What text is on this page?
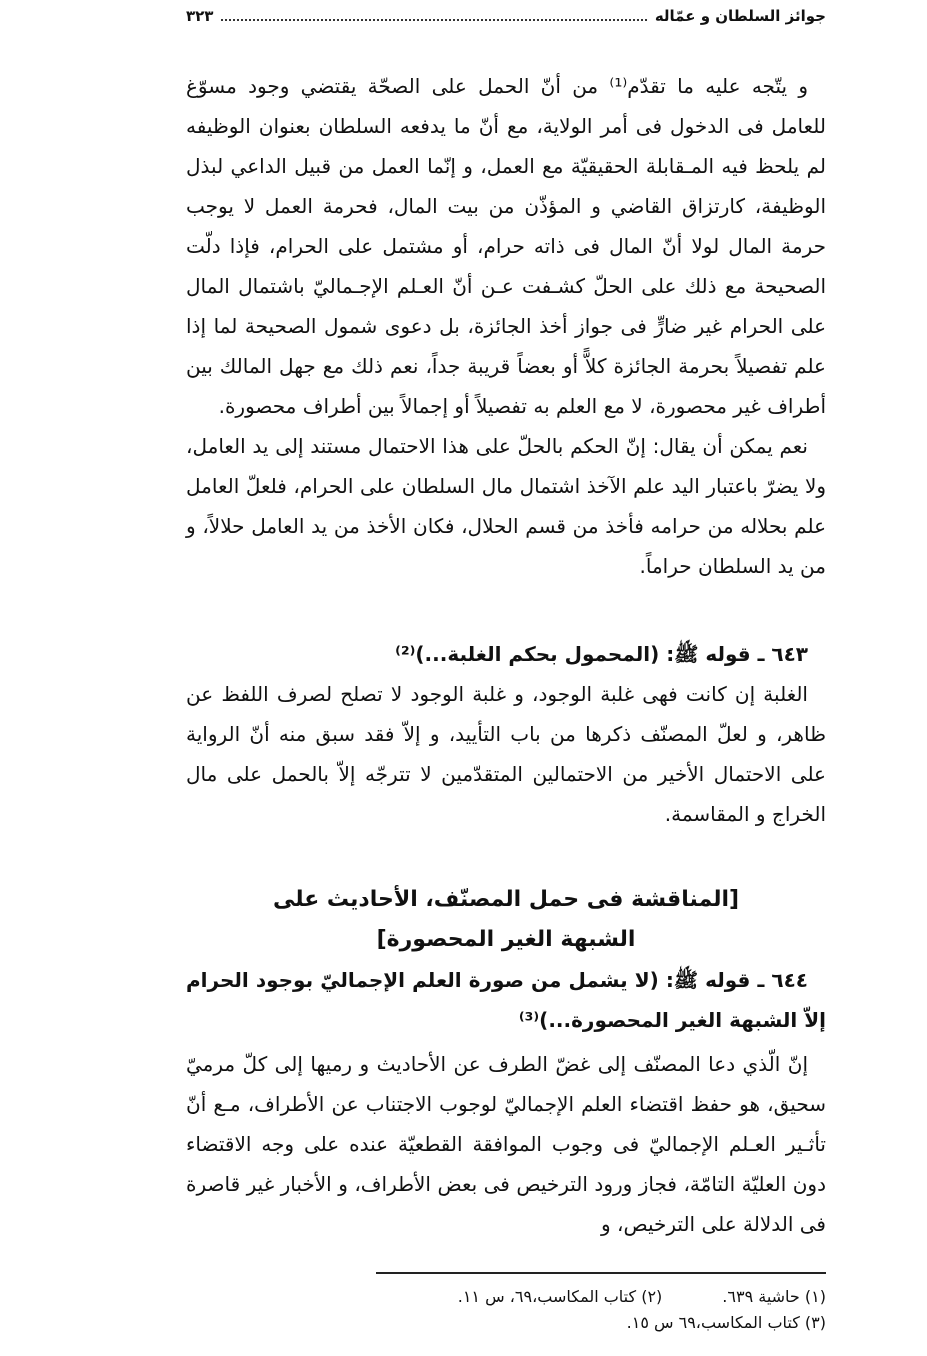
جوائز السلطان و عمّاله
٣٢٣

و يتّجه عليه ما تقدّم⁽¹⁾ من أنّ الحمل على الصحّة يقتضي وجود مسوّغ للعامل فى الدخول فى أمر الولاية، مع أنّ ما يدفعه السلطان بعنوان الوظيفه لم يلحظ فيه المـقابلة الحقيقيّة مع العمل، و إنّما العمل من قبيل الداعي لبذل الوظيفة، كارتزاق القاضي و المؤذّن من بيت المال، فحرمة العمل لا يوجب حرمة المال لولا أنّ المال فى ذاته حرام، أو مشتمل على الحرام، فإذا دلّت الصحيحة مع ذلك على الحلّ كشـفت عـن أنّ العـلم الإجـماليّ باشتمال المال على الحرام غير ضارٍّ فى جواز أخذ الجائزة، بل دعوى شمول الصحيحة لما إذا علم تفصيلاً بحرمة الجائزة كلاًّ أو بعضاً قريبة جداً، نعم ذلك مع جهل المالك بين أطراف غير محصورة، لا مع العلم به تفصيلاً أو إجمالاً بين أطراف محصورة.

نعم يمكن أن يقال: إنّ الحكم بالحلّ على هذا الاحتمال مستند إلى يد العامل، ولا يضرّ باعتبار اليد علم الآخذ اشتمال مال السلطان على الحرام، فلعلّ العامل علم بحلاله من حرامه فأخذ من قسم الحلال، فكان الأخذ من يد العامل حلالاً، و من يد السلطان حراماً.

٦٤٣ ـ قوله ﷺ: (المحمول بحكم الغلبة...)⁽²⁾

الغلبة إن كانت فهى غلبة الوجود، و غلبة الوجود لا تصلح لصرف اللفظ عن ظاهر، و لعلّ المصنّف ذكرها من باب التأييد، و إلاّ فقد سبق منه أنّ الرواية على الاحتمال الأخير من الاحتمالين المتقدّمين لا تترجّه إلاّ بالحمل على مال الخراج و المقاسمة.

[المناقشة فى حمل المصنّف، الأحاديث على
الشبهة الغير المحصورة]

٦٤٤ ـ قوله ﷺ: (لا يشمل من صورة العلم الإجماليّ بوجود الحرام إلاّ الشبهة الغير المحصورة...)⁽³⁾

إنّ الّذي دعا المصنّف إلى غضّ الطرف عن الأحاديث و رميها إلى كلّ مرميّ سحيق، هو حفظ اقتضاء العلم الإجماليّ لوجوب الاجتناب عن الأطراف، مـع أنّ تأثـير العـلم الإجماليّ فى وجوب الموافقة القطعيّة عنده على وجه الاقتضاء دون العليّة التامّة، فجاز ورود الترخيص فى بعض الأطراف، و الأخبار غير قاصرة فى الدلالة على الترخيص، و

(١) حاشية ٦٣٩.
(٢) كتاب المكاسب،٦٩، س ١١.
(٣) كتاب المكاسب،٦٩ س ١٥.
